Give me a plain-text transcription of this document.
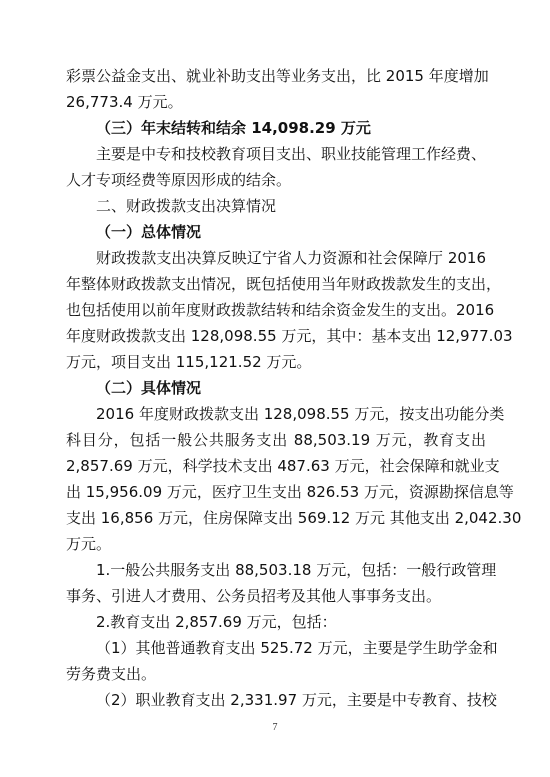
彩票公益金支出、就业补助支出等业务支出，比 2015 年度增加
26,773.4 万元。
（三）年末结转和结余 14,098.29 万元
主要是中专和技校教育项目支出、职业技能管理工作经费、
人才专项经费等原因形成的结余。
二、财政拨款支出决算情况
（一）总体情况
财政拨款支出决算反映辽宁省人力资源和社会保障厅 2016
年整体财政拨款支出情况，既包括使用当年财政拨款发生的支出，
也包括使用以前年度财政拨款结转和结余资金发生的支出。2016
年度财政拨款支出 128,098.55 万元，其中：基本支出 12,977.03
万元，项目支出 115,121.52 万元。
（二）具体情况
2016 年度财政拨款支出 128,098.55 万元，按支出功能分类
科目分，包括一般公共服务支出 88,503.19 万元，教育支出
2,857.69 万元，科学技术支出 487.63 万元，社会保障和就业支
出 15,956.09 万元，医疗卫生支出 826.53 万元，资源勘探信息等
支出 16,856 万元，住房保障支出 569.12 万元 其他支出 2,042.30
万元。
1.一般公共服务支出 88,503.18 万元，包括：一般行政管理
事务、引进人才费用、公务员招考及其他人事事务支出。
2.教育支出 2,857.69 万元，包括：
（1）其他普通教育支出 525.72 万元，主要是学生助学金和
劳务费支出。
（2）职业教育支出 2,331.97 万元，主要是中专教育、技校
7
